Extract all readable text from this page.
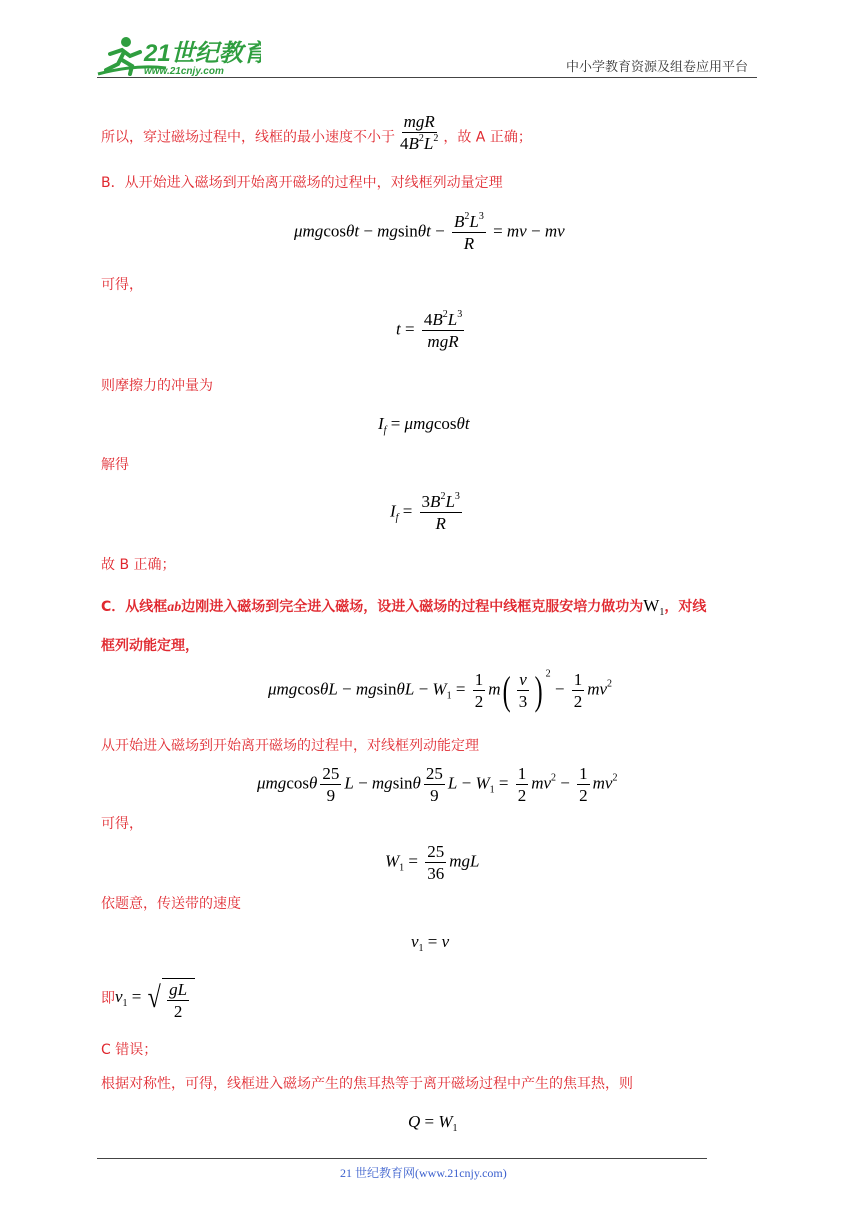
21世纪教育
www.21cnjy.com	中小学教育资源及组卷应用平台
所以，穿过磁场过程中，线框的最小速度不小于 $\frac{\text{mgR}}{4B^2L^2}$ ，故 A 正确；
B．从开始进入磁场到开始离开磁场的过程中，对线框列动量定理
$\mu mgcos\theta t - mgsin\theta t - \frac{B^2L^3}{R}$ = mv − mv
可得，
$t = \frac{4B^2L^3}{\text{mgR}}$
则摩擦力的冲量为
$I_f = \mu mgcos\theta t$
解得
$I_f = \frac{3B^2L^3}{R}$
故 B 正确；
C．从线框ab边刚进入磁场到完全进入磁场，设进入磁场的过程中线框克服安培力做功为$W_1$，对线
框列动能定理，
$\mu mgcos\theta L - mgsin\theta L - W_1 = \frac{1}{2} m( \frac{v}{3}$ ) $^2 - \frac{1}{2} mv^2$
从开始进入磁场到开始离开磁场的过程中，对线框列动能定理
μmgcosθ $\frac{25}{9}$ L − mgsinθ $\frac{25}{9}$ $L - W_1 = \frac{1}{2} mv^2 - \frac{1}{2} mv^2$
可得，
$W_1 = \frac{25}{36}$ mgL
依题意，传送带的速度
$v_1 = v$
即$v_1$ = √ $\frac{gL}{2}$
C 错误；
根据对称性，可得，线框进入磁场产生的焦耳热等于离开磁场过程中产生的焦耳热，则
$Q = W_1$
21 世纪教育网(www.21cnjy.com)
